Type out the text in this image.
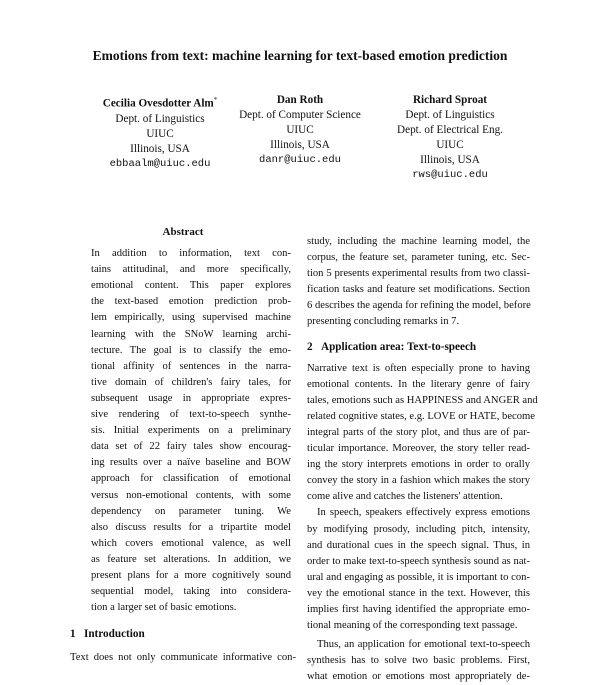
Emotions from text: machine learning for text-based emotion prediction
Cecilia Ovesdotter Alm*
Dept. of Linguistics
UIUC
Illinois, USA
ebbaalm@uiuc.edu
Dan Roth
Dept. of Computer Science
UIUC
Illinois, USA
danr@uiuc.edu
Richard Sproat
Dept. of Linguistics
Dept. of Electrical Eng.
UIUC
Illinois, USA
rws@uiuc.edu
Abstract
In addition to information, text con-
tains attitudinal, and more specifically,
emotional content. This paper explores
the text-based emotion prediction prob-
lem empirically, using supervised machine
learning with the SNoW learning archi-
tecture. The goal is to classify the emo-
tional affinity of sentences in the narra-
tive domain of children's fairy tales, for
subsequent usage in appropriate expres-
sive rendering of text-to-speech synthe-
sis. Initial experiments on a preliminary
data set of 22 fairy tales show encourag-
ing results over a naïve baseline and BOW
approach for classification of emotional
versus non-emotional contents, with some
dependency on parameter tuning. We
also discuss results for a tripartite model
which covers emotional valence, as well
as feature set alterations. In addition, we
present plans for a more cognitively sound
sequential model, taking into considera-
tion a larger set of basic emotions.
1 Introduction
Text does not only communicate informative con-
study, including the machine learning model, the
corpus, the feature set, parameter tuning, etc. Sec-
tion 5 presents experimental results from two classi-
fication tasks and feature set modifications. Section
6 describes the agenda for refining the model, before
presenting concluding remarks in 7.
2 Application area: Text-to-speech
Narrative text is often especially prone to having
emotional contents. In the literary genre of fairy
tales, emotions such as HAPPINESS and ANGER and
related cognitive states, e.g. LOVE or HATE, become
integral parts of the story plot, and thus are of par-
ticular importance. Moreover, the story teller read-
ing the story interprets emotions in order to orally
convey the story in a fashion which makes the story
come alive and catches the listeners' attention.
In speech, speakers effectively express emotions
by modifying prosody, including pitch, intensity,
and durational cues in the speech signal. Thus, in
order to make text-to-speech synthesis sound as nat-
ural and engaging as possible, it is important to con-
vey the emotional stance in the text. However, this
implies first having identified the appropriate emo-
tional meaning of the corresponding text passage.
Thus, an application for emotional text-to-speech
synthesis has to solve two basic problems. First,
what emotion or emotions most appropriately de-
